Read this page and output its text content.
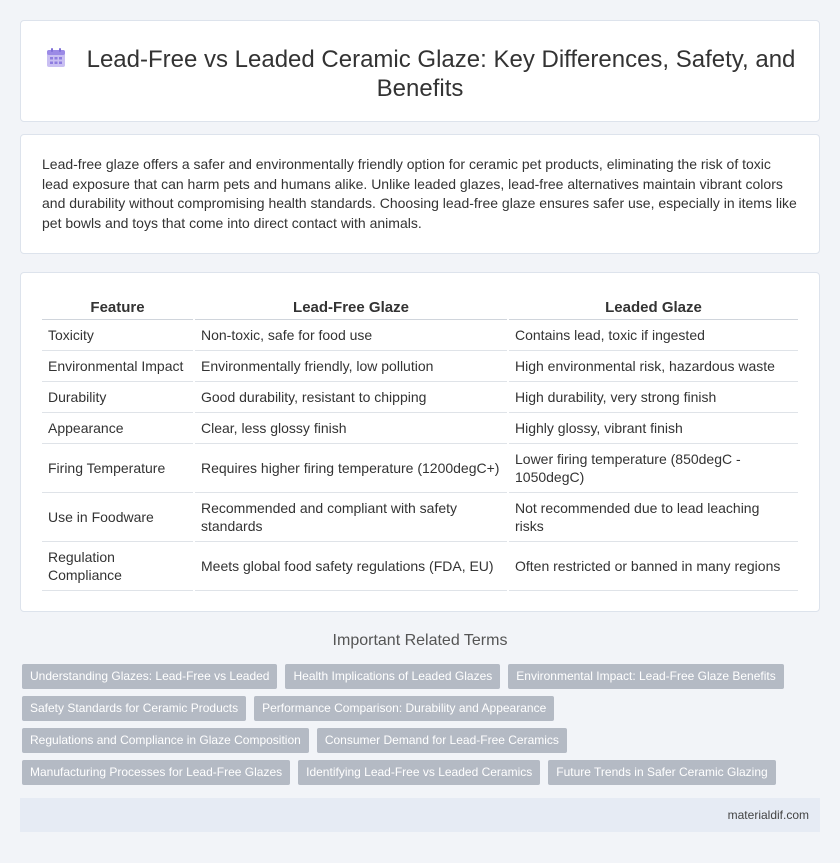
Lead-Free vs Leaded Ceramic Glaze: Key Differences, Safety, and Benefits

Lead-free glaze offers a safer and environmentally friendly option for ceramic pet products, eliminating the risk of toxic lead exposure that can harm pets and humans alike. Unlike leaded glazes, lead-free alternatives maintain vibrant colors and durability without compromising health standards. Choosing lead-free glaze ensures safer use, especially in items like pet bowls and toys that come into direct contact with animals.

Feature	Lead-Free Glaze	Leaded Glaze
Toxicity	Non-toxic, safe for food use	Contains lead, toxic if ingested
Environmental Impact	Environmentally friendly, low pollution	High environmental risk, hazardous waste
Durability	Good durability, resistant to chipping	High durability, very strong finish
Appearance	Clear, less glossy finish	Highly glossy, vibrant finish
Firing Temperature	Requires higher firing temperature (1200degC+)	Lower firing temperature (850degC - 1050degC)
Use in Foodware	Recommended and compliant with safety standards	Not recommended due to lead leaching risks
Regulation Compliance	Meets global food safety regulations (FDA, EU)	Often restricted or banned in many regions
Important Related Terms
Understanding Glazes: Lead-Free vs Leaded	Health Implications of Leaded Glazes	Environmental Impact: Lead-Free Glaze Benefits
Safety Standards for Ceramic Products	Performance Comparison: Durability and Appearance
Regulations and Compliance in Glaze Composition	Consumer Demand for Lead-Free Ceramics
Manufacturing Processes for Lead-Free Glazes	Identifying Lead-Free vs Leaded Ceramics	Future Trends in Safer Ceramic Glazing
materialdif.com
